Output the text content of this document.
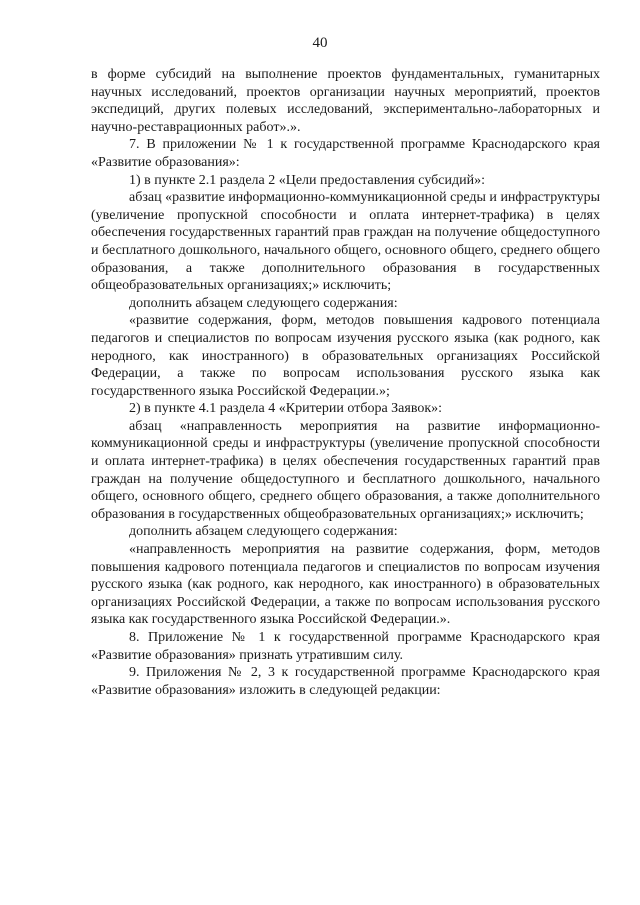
40

в форме субсидий на выполнение проектов фундаментальных, гуманитарных научных исследований, проектов организации научных мероприятий, проектов экспедиций, других полевых исследований, экспериментально-лабораторных и научно-реставрационных работ».».

7. В приложении № 1 к государственной программе Краснодарского края «Развитие образования»:

1) в пункте 2.1 раздела 2 «Цели предоставления субсидий»:

абзац «развитие информационно-коммуникационной среды и инфраструктуры (увеличение пропускной способности и оплата интернет-трафика) в целях обеспечения государственных гарантий прав граждан на получение общедоступного и бесплатного дошкольного, начального общего, основного общего, среднего общего образования, а также дополнительного образования в государственных общеобразовательных организациях;» исключить;

дополнить абзацем следующего содержания:

«развитие содержания, форм, методов повышения кадрового потенциала педагогов и специалистов по вопросам изучения русского языка (как родного, как неродного, как иностранного) в образовательных организациях Российской Федерации, а также по вопросам использования русского языка как государственного языка Российской Федерации.»;

2) в пункте 4.1 раздела 4 «Критерии отбора Заявок»:

абзац «направленность мероприятия на развитие информационно-коммуникационной среды и инфраструктуры (увеличение пропускной способности и оплата интернет-трафика) в целях обеспечения государственных гарантий прав граждан на получение общедоступного и бесплатного дошкольного, начального общего, основного общего, среднего общего образования, а также дополнительного образования в государственных общеобразовательных организациях;» исключить;

дополнить абзацем следующего содержания:

«направленность мероприятия на развитие содержания, форм, методов повышения кадрового потенциала педагогов и специалистов по вопросам изучения русского языка (как родного, как неродного, как иностранного) в образовательных организациях Российской Федерации, а также по вопросам использования русского языка как государственного языка Российской Федерации.».

8. Приложение № 1 к государственной программе Краснодарского края «Развитие образования» признать утратившим силу.

9. Приложения № 2, 3 к государственной программе Краснодарского края «Развитие образования» изложить в следующей редакции:
